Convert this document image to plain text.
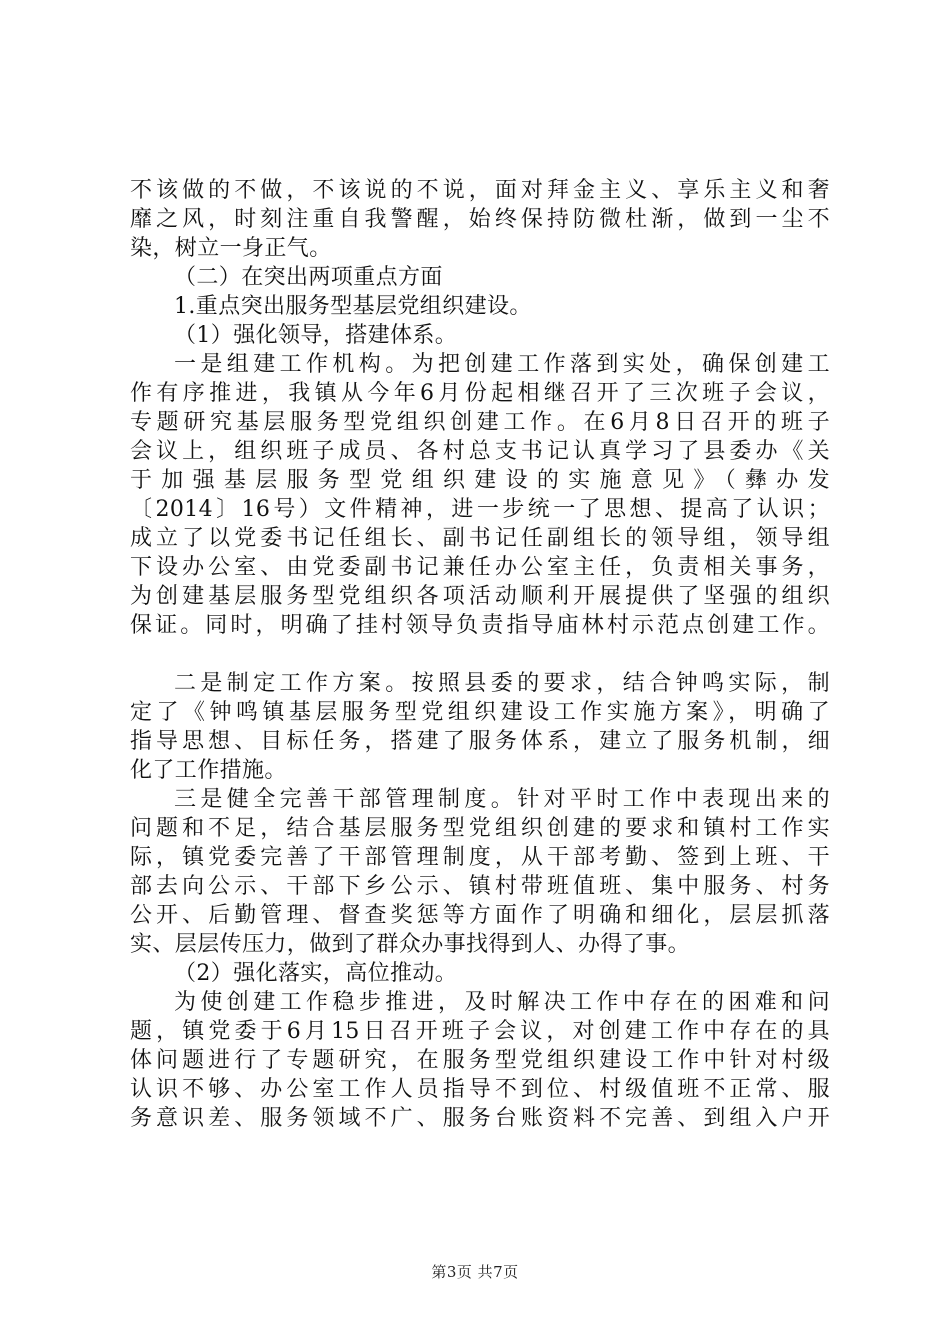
不该做的不做，不该说的不说，面对拜金主义、享乐主义和奢
靡之风，时刻注重自我警醒，始终保持防微杜渐，做到一尘不
染，树立一身正气。
（二）在突出两项重点方面
1.重点突出服务型基层党组织建设。
（1）强化领导，搭建体系。
一是组建工作机构。为把创建工作落到实处，确保创建工
作有序推进，我镇从今年6月份起相继召开了三次班子会议，
专题研究基层服务型党组织创建工作。在6月8日召开的班子
会议上，组织班子成员、各村总支书记认真学习了县委办《关
于加强基层服务型党组织建设的实施意见》（彝办发
〔2014〕16号）文件精神，进一步统一了思想、提高了认识；
成立了以党委书记任组长、副书记任副组长的领导组，领导组
下设办公室、由党委副书记兼任办公室主任，负责相关事务，
为创建基层服务型党组织各项活动顺利开展提供了坚强的组织
保证。同时，明确了挂村领导负责指导庙林村示范点创建工作。
二是制定工作方案。按照县委的要求，结合钟鸣实际，制
定了《钟鸣镇基层服务型党组织建设工作实施方案》，明确了
指导思想、目标任务，搭建了服务体系，建立了服务机制，细
化了工作措施。
三是健全完善干部管理制度。针对平时工作中表现出来的
问题和不足，结合基层服务型党组织创建的要求和镇村工作实
际，镇党委完善了干部管理制度，从干部考勤、签到上班、干
部去向公示、干部下乡公示、镇村带班值班、集中服务、村务
公开、后勤管理、督查奖惩等方面作了明确和细化，层层抓落
实、层层传压力，做到了群众办事找得到人、办得了事。
（2）强化落实，高位推动。
为使创建工作稳步推进，及时解决工作中存在的困难和问
题，镇党委于6月15日召开班子会议，对创建工作中存在的具
体问题进行了专题研究，在服务型党组织建设工作中针对村级
认识不够、办公室工作人员指导不到位、村级值班不正常、服
务意识差、服务领域不广、服务台账资料不完善、到组入户开
第3页 共7页
